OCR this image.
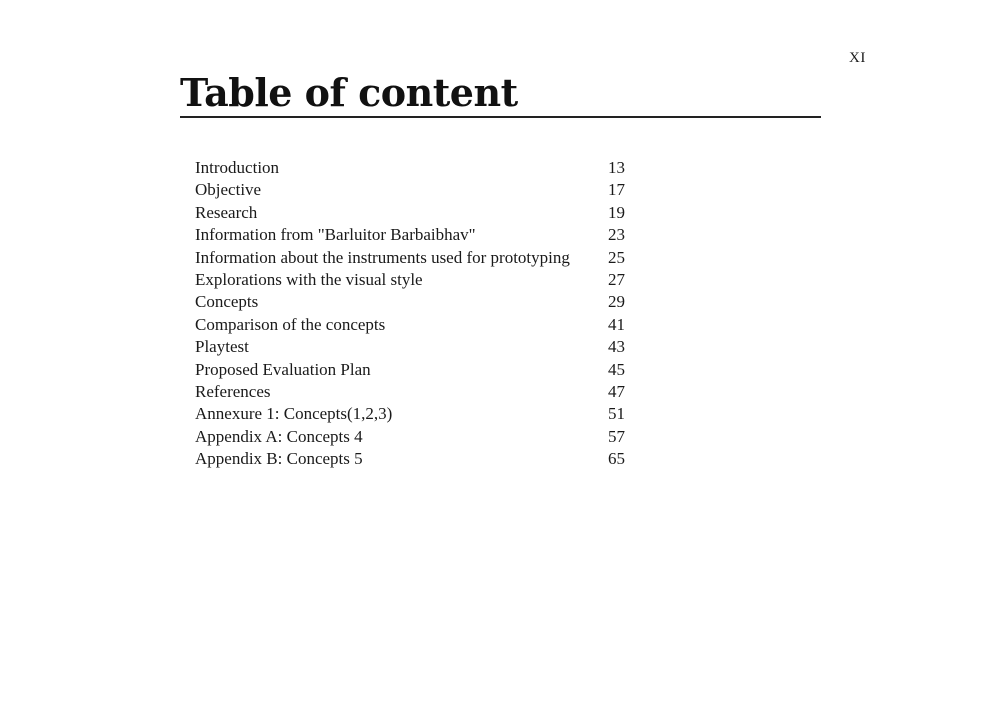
XI
Table of content
Introduction	13
Objective	17
Research	19
Information from "Barluitor Barbaibhav"	23
Information about the instruments used for prototyping	25
Explorations with the visual style	27
Concepts	29
Comparison of the concepts	41
Playtest	43
Proposed Evaluation Plan	45
References	47
Annexure 1: Concepts(1,2,3)	51
Appendix A: Concepts 4	57
Appendix B: Concepts 5	65
